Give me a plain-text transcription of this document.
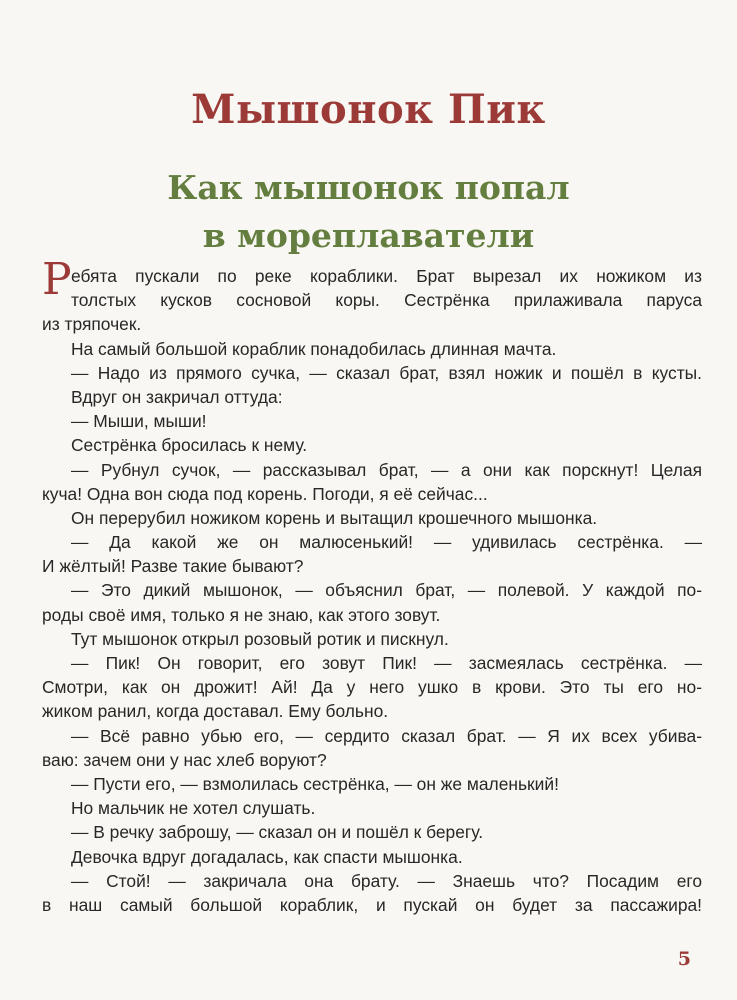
Мышонок Пик
Как мышонок попал
в мореплаватели
Ребята пускали по реке кораблики. Брат вырезал их ножиком из
толстых кусков сосновой коры. Сестрёнка прилаживала паруса
из тряпочек.
На самый большой кораблик понадобилась длинная мачта.
— Надо из прямого сучка, — сказал брат, взял ножик и пошёл в кусты.
Вдруг он закричал оттуда:
— Мыши, мыши!
Сестрёнка бросилась к нему.
— Рубнул сучок, — рассказывал брат, — а они как порскнут! Целая
куча! Одна вон сюда под корень. Погоди, я её сейчас...
Он перерубил ножиком корень и вытащил крошечного мышонка.
— Да какой же он малюсенький! — удивилась сестрёнка. —
И жёлтый! Разве такие бывают?
— Это дикий мышонок, — объяснил брат, — полевой. У каждой по-
роды своё имя, только я не знаю, как этого зовут.
Тут мышонок открыл розовый ротик и пискнул.
— Пик! Он говорит, его зовут Пик! — засмеялась сестрёнка. —
Смотри, как он дрожит! Ай! Да у него ушко в крови. Это ты его но-
жиком ранил, когда доставал. Ему больно.
— Всё равно убью его, — сердито сказал брат. — Я их всех убива-
ваю: зачем они у нас хлеб воруют?
— Пусти его, — взмолилась сестрёнка, — он же маленький!
Но мальчик не хотел слушать.
— В речку заброшу, — сказал он и пошёл к берегу.
Девочка вдруг догадалась, как спасти мышонка.
— Стой! — закричала она брату. — Знаешь что? Посадим его
в наш самый большой кораблик, и пускай он будет за пассажира!
5
